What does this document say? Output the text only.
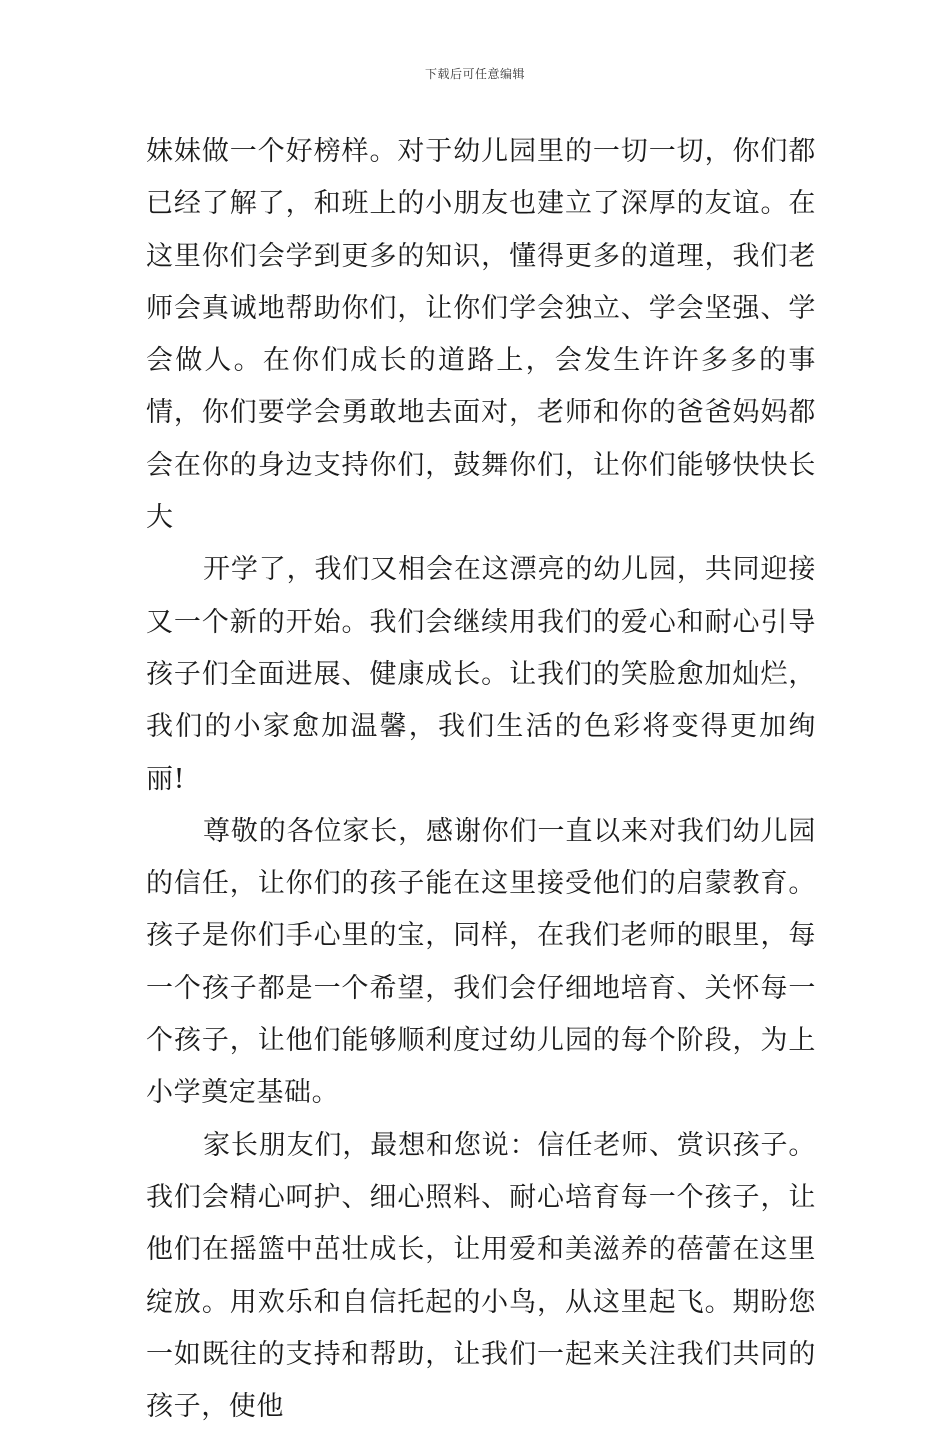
下载后可任意编辑

妹妹做一个好榜样。对于幼儿园里的一切一切，你们都已经了解了，和班上的小朋友也建立了深厚的友谊。在这里你们会学到更多的知识，懂得更多的道理，我们老师会真诚地帮助你们，让你们学会独立、学会坚强、学会做人。在你们成长的道路上，会发生许许多多的事情，你们要学会勇敢地去面对，老师和你的爸爸妈妈都会在你的身边支持你们，鼓舞你们，让你们能够快快长大

开学了，我们又相会在这漂亮的幼儿园，共同迎接又一个新的开始。我们会继续用我们的爱心和耐心引导孩子们全面进展、健康成长。让我们的笑脸愈加灿烂，我们的小家愈加温馨，我们生活的色彩将变得更加绚丽!

尊敬的各位家长，感谢你们一直以来对我们幼儿园的信任，让你们的孩子能在这里接受他们的启蒙教育。孩子是你们手心里的宝，同样，在我们老师的眼里，每一个孩子都是一个希望，我们会仔细地培育、关怀每一个孩子，让他们能够顺利度过幼儿园的每个阶段，为上小学奠定基础。

家长朋友们，最想和您说：信任老师、赏识孩子。我们会精心呵护、细心照料、耐心培育每一个孩子，让他们在摇篮中茁壮成长，让用爱和美滋养的蓓蕾在这里绽放。用欢乐和自信托起的小鸟，从这里起飞。期盼您一如既往的支持和帮助，让我们一起来关注我们共同的孩子，使他
